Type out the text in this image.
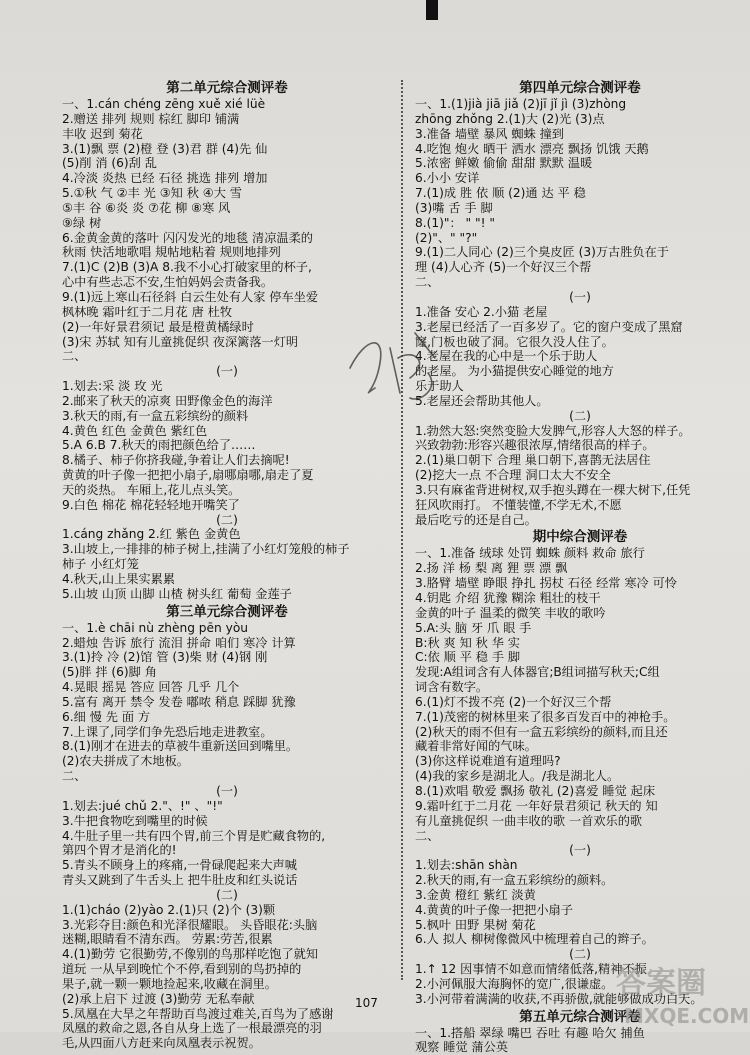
第二单元综合测评卷
一、1.cán chéng zēng xuě xié lüè
2.赠送 排列 规则 棕红 脚印 铺满
丰收 迟到 菊花
3.(1)飘 票 (2)橙 登 (3)君 群 (4)先 仙
(5)削 消 (6)刮 乱
4.冷淡 炎热 已经 石径 挑选 排列 增加
5.①秋 气 ②丰 光 ③知 秋 ④大 雪
⑤丰 谷 ⑥炎 炎 ⑦花 柳 ⑧寒 风
⑨绿 树
6.金黄金黄的落叶 闪闪发光的地毯 清凉温柔的
秋雨 快活地歌唱 規帖地粘着 规则地排列
7.(1)C (2)B (3)A 8.我不小心打破家里的杯子,
心中有些忐忑不安,生怕妈妈会责备我。
9.(1)远上寒山石径斜 白云生处有人家 停车坐爱
枫林晚 霜叶红于二月花 唐 杜牧
(2)一年好景君须记 最是橙黄橘绿时
(3)宋 苏轼 知有儿童挑促织 夜深篱落一灯明
二、
(一)
1.划去:采 淡 玫 光
2.邮来了秋天的凉爽 田野像金色的海洋
3.秋天的雨,有一盒五彩缤纷的颜料
4.黄色 红色 金黄色 紫红色
5.A 6.B 7.秋天的雨把颜色给了……
8.橘子、柿子你挤我碰,争着让人们去摘呢!
黄黄的叶子像一把把小扇子,扇哪扇哪,扇走了夏
天的炎热。 车厢上,花儿点头笑。
9.白色 棉花 棉花轻轻地开嘴笑了
(二)
1.cáng zhǎng 2.红 紫色 金黄色
3.山坡上,一排排的柿子树上,挂满了小红灯笼般的柿子
柿子 小红灯笼
4.秋天,山上果实累累
5.山坡 山顶 山脚 山楂 树头红 葡萄 金莲子
第三单元综合测评卷
一、1.è chāi nù zhèng pēn yòu
2.蜡烛 告诉 旅行 流泪 拼命 咱们 寒冷 计算
3.(1)拎 冷 (2)馆 管 (3)柴 财 (4)钢 刚
(5)胖 拌 (6)脚 角
4.晃眼 摇晃 答应 回答 几乎 几个
5.富有 离开 禁令 发卷 嘟哝 稍息 踩脚 犹豫
6.细 慢 先 面 方
7.上课了,同学们争先恐后地走进教室。
8.(1)刚才在进去的草被牛重新送回到嘴里。
(2)农夫拼成了木地板。
二、
(一)
1.划去:jué chǔ 2."、!" 、"!"
3.牛把食物吃到嘴里的时候
4.牛肚子里一共有四个胃,前三个胃是贮藏食物的,
第四个胃才是消化的!
5.青头不顾身上的疼痛,一骨碌爬起来大声喊
青头又跳到了牛舌头上 把牛肚皮和红头说话
(二)
1.(1)cháo (2)yào 2.(1)只 (2)个 (3)颗
3.光彩夺目:颜色和光泽很耀眼。 头昏眼花:头脑
迷糊,眼睛看不清东西。 劳累:劳苦,很累
4.(1)勤劳 它很勤劳,不像别的鸟那样吃饱了就知
道玩 一从早到晚忙个不停,看到别的鸟扔掉的
果子,就一颗一颗地捡起来,收藏在洞里。
(2)承上启下 过渡 (3)勤劳 无私奉献
5.凤凰在大旱之年帮助百鸟渡过难关,百鸟为了感谢
凤凰的救命之恩,各自从身上选了一根最漂亮的羽
毛,从四面八方赶来向凤凰表示祝贺。
第四单元综合测评卷
一、1.(1)jià jiā jiǎ (2)jī jǐ jì (3)zhòng
zhōng zhǒng 2.(1)大 (2)光 (3)点
3.准备 墙壁 暴风 蜘蛛 撞到
4.吃饱 炮火 晒干 洒水 漂亮 飘扬 饥饿 天鹅
5.浓密 鲜嫩 偷偷 甜甜 默默 温暖
6.小小 安详
7.(1)成 胜 依 顺 (2)通 达 平 稳
(3)嘴 舌 手 脚
8.(1)"： " "! "
(2)"、" "?"
9.(1)二人同心 (2)三个臭皮匠 (3)万古胜负在于
理 (4)人心齐 (5)一个好汉三个帮
二、
(一)
1.准备 安心 2.小猫 老屋
3.老屋已经活了一百多岁了。它的窗户变成了黑窟
窿,门板也破了洞。它很久没人住了。
4.老屋在我的心中是一个乐于助人
的老屋。 为小猫提供安心睡觉的地方
乐于助人
5.老屋还会帮助其他人。
(二)
1.勃然大怒:突然变脸大发脾气,形容人大怒的样子。
兴致勃勃:形容兴趣很浓厚,情绪很高的样子。
2.(1)巢口朝下 合理 巢口朝下,喜鹊无法居住
(2)挖大一点 不合理 洞口太大不安全
3.只有麻雀背进树杈,双手抱头蹲在一棵大树下,任凭
狂风吹雨打。 不懂装懂,不学无术,不愿
最后吃亏的还是自己。
期中综合测评卷
一、1.准备 绒球 处罚 蜘蛛 颜料 救命 旅行
2.扬 洋 杨 梨 离 狸 票 漂 飘
3.胳臂 墙壁 睁眼 挣扎 拐杖 石径 经常 寒冷 可怜
4.钥匙 介绍 犹豫 糊涂 粗壮的枝干
金黄的叶子 温柔的微笑 丰收的歌吟
5.A:头 脑 牙 爪 眼 手
B:秋 爽 知 秋 华 实
C:依 顺 平 稳 手 脚
发现:A组词含有人体器官;B组词描写秋天;C组
词含有数字。
6.(1)灯不拨不亮 (2)一个好汉三个帮
7.(1)茂密的树林里来了很多百发百中的神枪手。
(2)秋天的雨不但有一盒五彩缤纷的颜料,而且还
藏着非常好闻的气味。
(3)你这样说难道有道理吗?
(4)我的家乡是湖北人。/我是湖北人。
8.(1)欢唱 敬爱 飘扬 敬礼 (2)喜爱 睡觉 起床
9.霜叶红于二月花 一年好景君须记 秋天的 知
有儿童挑促织 一曲丰收的歌 一首欢乐的歌
二、
(一)
1.划去:shān shàn
2.秋天的雨,有一盒五彩缤纷的颜料。
3.金黄 橙红 紫红 淡黄
4.黄黄的叶子像一把把小扇子
5.枫叶 田野 果树 菊花
6.人 拟人 柳树像微风中梳理着自己的辫子。
(二)
1.↑ 12 因事情不如意而情绪低落,精神不振
2.小河佩服大海胸怀的宽广,很谦虚。
3.小河带着满满的收获,不再骄傲,就能够做成功白天。
第五单元综合测评卷
一、1.搭船 翠绿 嘴巴 吞吐 有趣 哈欠 捕鱼
观察 睡觉 蒲公英
107
答案圈
MXQE.COM
